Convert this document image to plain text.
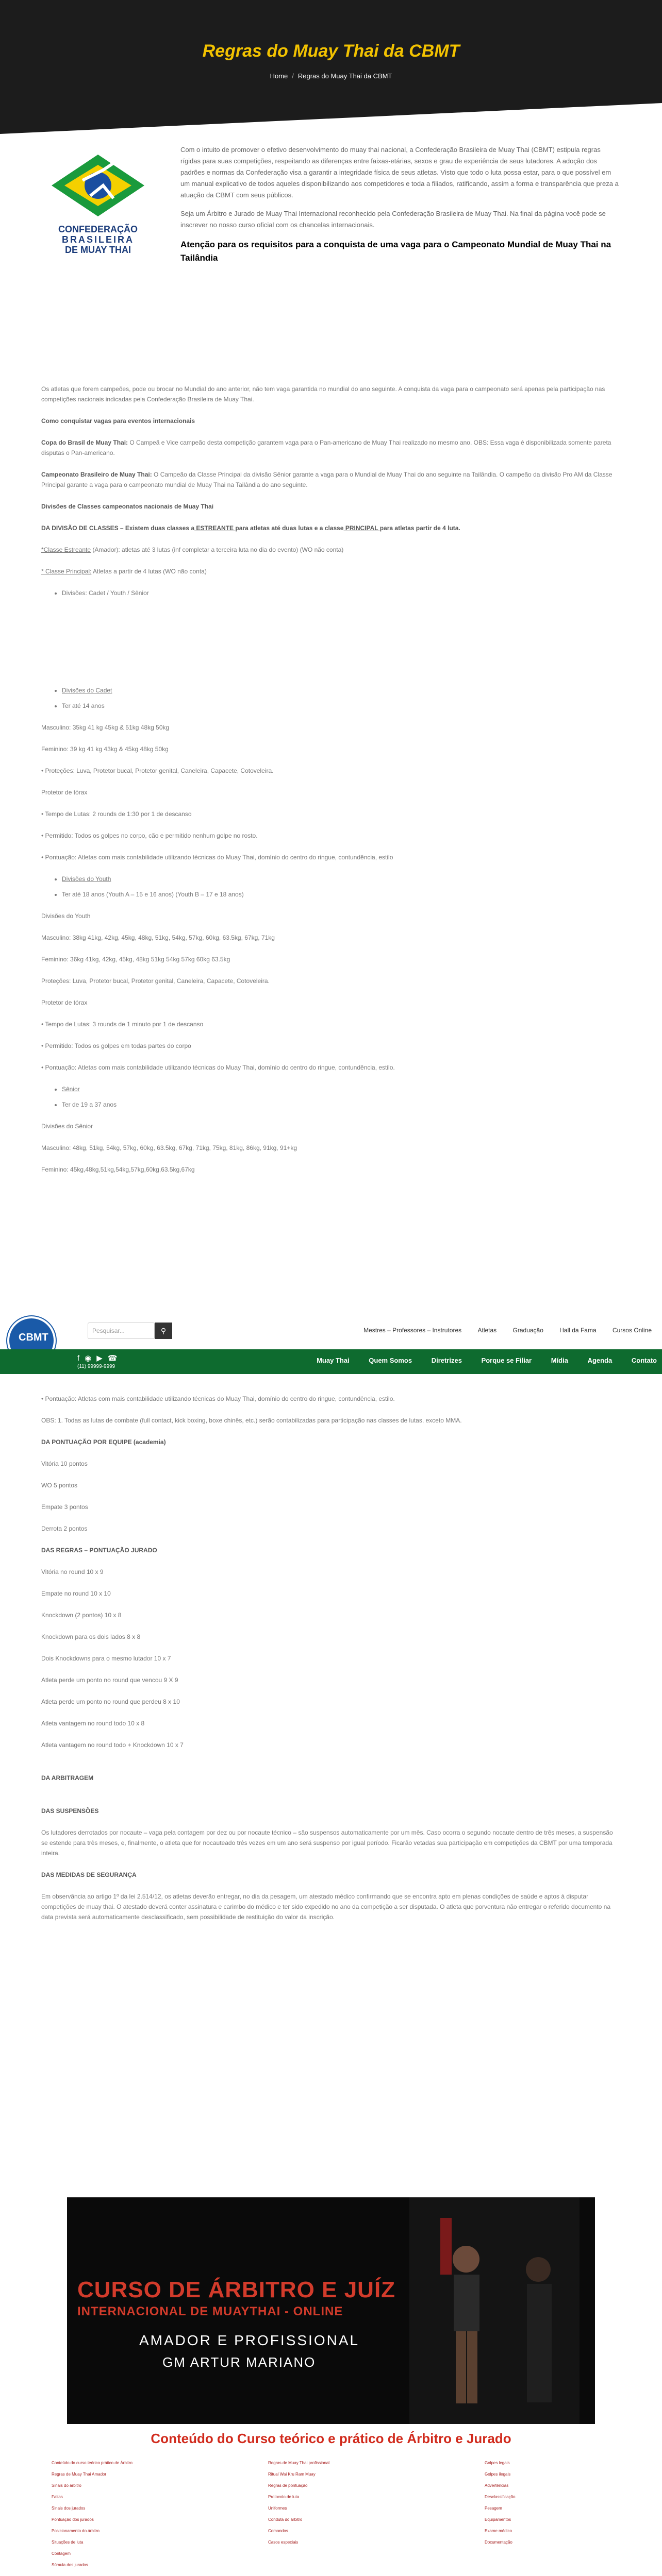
Regras do Muay Thai da CBMT
Home / Regras do Muay Thai da CBMT
CONFEDERAÇÃO
BRASILEIRA
DE MUAY THAI

Com o intuito de promover o efetivo desenvolvimento do muay thai nacional, a Confederação Brasileira de Muay Thai (CBMT) estipula regras rígidas para suas competições, respeitando as diferenças entre faixas-etárias, sexos e grau de experiência de seus lutadores. A adoção dos padrões e normas da Confederação visa a garantir a integridade física de seus atletas. Visto que todo o luta possa estar, para o que possível em um manual explicativo de todos aqueles disponibilizando aos competidores e toda a filiados, ratificando, assim a forma e transparência que preza a atuação da CBMT com seus públicos.

Seja um Árbitro e Jurado de Muay Thai Internacional reconhecido pela Confederação Brasileira de Muay Thai. Na final da página você pode se inscrever no nosso curso oficial com os chancelas internacionais.

Atenção para os requisitos para a conquista de uma vaga para o Campeonato Mundial de Muay Thai na Tailândia

Os atletas que forem campeões, pode ou brocar no Mundial do ano anterior, não tem vaga garantida no mundial do ano seguinte. A conquista da vaga para o campeonato será apenas pela participação nas competições nacionais indicadas pela Confederação Brasileira de Muay Thai.

Como conquistar vagas para eventos internacionais

Copa do Brasil de Muay Thai: O Campeã e Vice campeão desta competição garantem vaga para o Pan-americano de Muay Thai realizado no mesmo ano. OBS: Essa vaga é disponibilizada somente pareta disputas o Pan-americano.

Campeonato Brasileiro de Muay Thai: O Campeão da Classe Principal da divisão Sênior garante a vaga para o Mundial de Muay Thai do ano seguinte na Tailândia. O campeão da divisão Pro AM da Classe Principal garante a vaga para o campeonato mundial de Muay Thai na Tailândia do ano seguinte.

Divisões de Classes campeonatos nacionais de Muay Thai

DA DIVISÃO DE CLASSES – Existem duas classes a ESTREANTE para atletas até duas lutas e a classe PRINCIPAL para atletas partir de 4 luta.

*Classe Estreante (Amador): atletas até 3 lutas (inf completar a terceira luta no dia do evento) (WO não conta)

* Classe Principal: Atletas a partir de 4 lutas (WO não conta)

• Divisões: Cadet / Youth / Sênior
• Divisões do Cadet
• Ter até 14 anos

Masculino: 35kg 41 kg 45kg & 51kg 48kg 50kg

Feminino: 39 kg 41 kg 43kg & 45kg 48kg 50kg

• Proteções: Luva, Protetor bucal, Protetor genital, Caneleira, Capacete, Cotoveleira.

Protetor de tórax

• Tempo de Lutas: 2 rounds de 1:30 por 1 de descanso

• Permitido: Todos os golpes no corpo, cão e permitido nenhum golpe no rosto.

• Pontuação: Atletas com mais contabilidade utilizando técnicas do Muay Thai, domínio do centro do ringue, contundência, estilo

• Divisões do Youth
• Ter até 18 anos (Youth A – 15 e 16 anos) (Youth B – 17 e 18 anos)

Divisões do Youth

Masculino: 38kg 41kg, 42kg, 45kg, 48kg, 51kg, 54kg, 57kg, 60kg, 63.5kg, 67kg, 71kg

Feminino: 36kg 41kg, 42kg, 45kg, 48kg 51kg 54kg 57kg 60kg 63.5kg

Proteções: Luva, Protetor bucal, Protetor genital, Caneleira, Capacete, Cotoveleira.

Protetor de tórax

• Tempo de Lutas: 3 rounds de 1 minuto por 1 de descanso

• Permitido: Todos os golpes em todas partes do corpo

• Pontuação: Atletas com mais contabilidade utilizando técnicas do Muay Thai, domínio do centro do ringue, contundência, estilo.

• Sênior
• Ter de 19 a 37 anos

Divisões do Sênior

Masculino: 48kg, 51kg, 54kg, 57kg, 60kg, 63.5kg, 67kg, 71kg, 75kg, 81kg, 86kg, 91kg, 91+kg

Feminino: 45kg,48kg,51kg,54kg,57kg,60kg,63.5kg,67kg

CBMT
Pesquisar...	⚲	Mestres – Professores – Instrutores	Atletas	Graduação	Hall da Fama	Cursos Online
f ◉ ▶ ☎
(11) 99999-9999
Muay Thai	Quem Somos	Diretrizes	Porque se Filiar	Mídia	Agenda	Contato

• Pontuação: Atletas com mais contabilidade utilizando técnicas do Muay Thai, domínio do centro do ringue, contundência, estilo.

OBS: 1. Todas as lutas de combate (full contact, kick boxing, boxe chinês, etc.) serão contabilizadas para participação nas classes de lutas, exceto MMA.

DA PONTUAÇÃO POR EQUIPE (academia)

Vitória 10 pontos

WO 5 pontos

Empate 3 pontos

Derrota 2 pontos

DAS REGRAS – PONTUAÇÃO JURADO

Vitória no round 10 x 9

Empate no round 10 x 10

Knockdown (2 pontos) 10 x 8

Knockdown para os dois lados 8 x 8

Dois Knockdowns para o mesmo lutador 10 x 7

Atleta perde um ponto no round que vencou 9 X 9

Atleta perde um ponto no round que perdeu 8 x 10

Atleta vantagem no round todo 10 x 8

Atleta vantagem no round todo + Knockdown 10 x 7

DA ARBITRAGEM

DAS SUSPENSÕES

Os lutadores derrotados por nocaute – vaga pela contagem por dez ou por nocaute técnico – são suspensos automaticamente por um mês. Caso ocorra o segundo nocaute dentro de três meses, a suspensão se estende para três meses, e, finalmente, o atleta que for nocauteado três vezes em um ano será suspenso por igual período. Ficarão vetadas sua participação em competições da CBMT por uma temporada inteira.

DAS MEDIDAS DE SEGURANÇA

Em observância ao artigo 1º da lei 2.514/12, os atletas deverão entregar, no dia da pesagem, um atestado médico confirmando que se encontra apto em plenas condições de saúde e aptos à disputar competições de muay thai. O atestado deverá conter assinatura e carimbo do médico e ter sido expedido no ano da competição a ser disputada. O atleta que porventura não entregar o referido documento na data prevista será automaticamente desclassificado, sem possibilidade de restituição do valor da inscrição.

CURSO DE ÁRBITRO E JUÍZ
INTERNACIONAL DE MUAYTHAI - ONLINE
AMADOR E PROFISSIONAL
GM ARTUR MARIANO
Conteúdo do Curso teórico e prático de Árbitro e Jurado
Conteúdo do curso teórico prático de Árbitro
Regras de Muay Thai Amador
Sinais do árbitro
Faltas
Sinais dos jurados
Pontuação dos jurados
Posicionamento do árbitro
Situações de luta
Contagem
Súmula dos jurados
Regras de Muay Thai profissional
Ritual Wai Kru Ram Muay
Regras de pontuação
Protocolo de luta
Uniformes
Conduta do árbitro
Comandos
Casos especiais
Golpes legais
Golpes ilegais
Advertências
Desclassificação
Pesagem
Equipamentos
Exame médico
Documentação
